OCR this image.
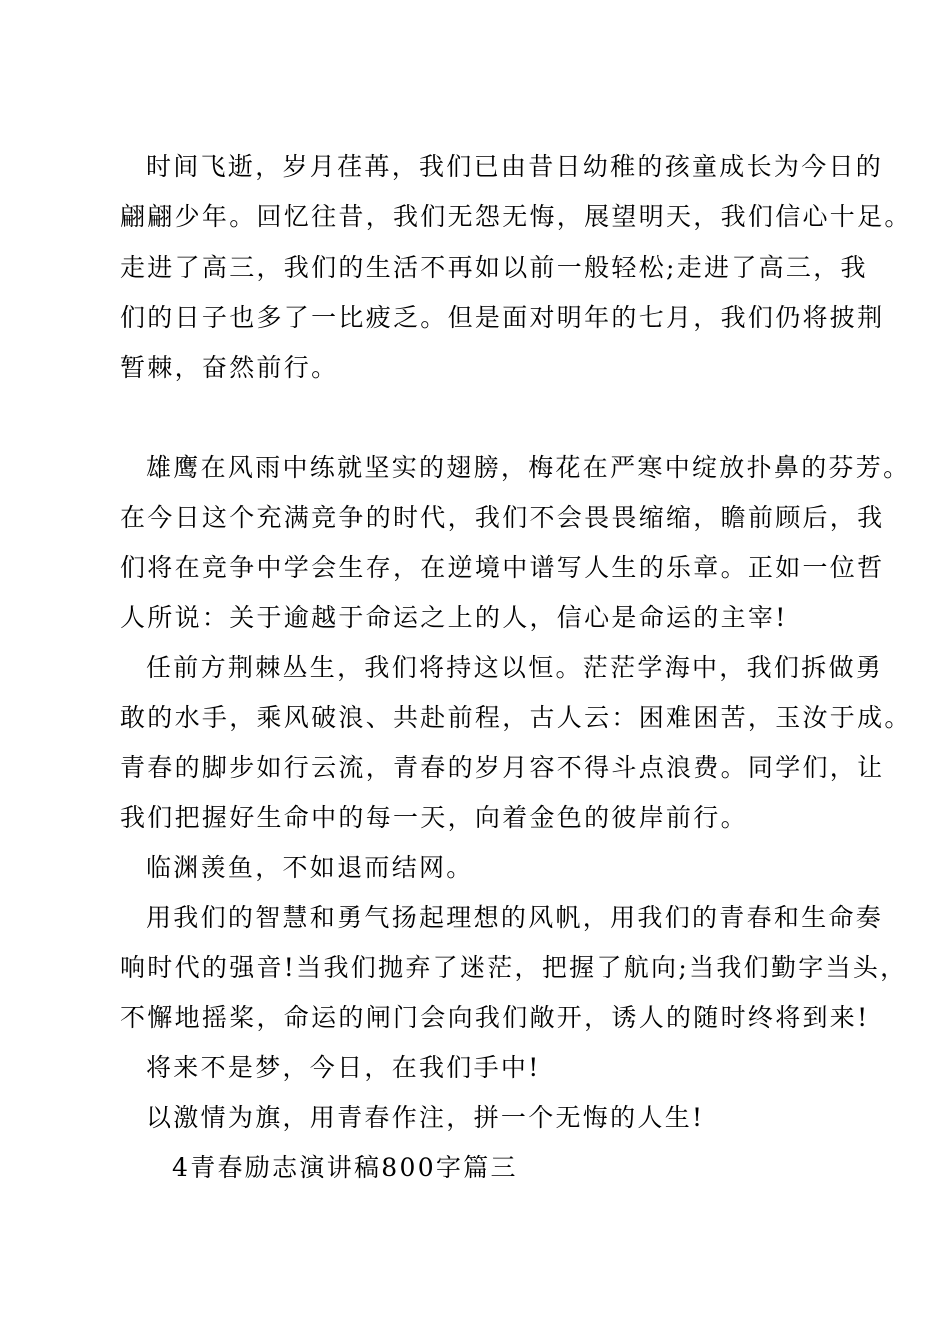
时间飞逝，岁月荏苒，我们已由昔日幼稚的孩童成长为今日的
翩翩少年。回忆往昔，我们无怨无悔，展望明天，我们信心十足。
走进了高三，我们的生活不再如以前一般轻松;走进了高三，我
们的日子也多了一比疲乏。但是面对明年的七月，我们仍将披荆
暂棘，奋然前行。
雄鹰在风雨中练就坚实的翅膀，梅花在严寒中绽放扑鼻的芬芳。
在今日这个充满竞争的时代，我们不会畏畏缩缩，瞻前顾后，我
们将在竞争中学会生存，在逆境中谱写人生的乐章。正如一位哲
人所说：关于逾越于命运之上的人，信心是命运的主宰!
任前方荆棘丛生，我们将持这以恒。茫茫学海中，我们拆做勇
敢的水手，乘风破浪、共赴前程，古人云：困难困苦，玉汝于成。
青春的脚步如行云流，青春的岁月容不得斗点浪费。同学们，让
我们把握好生命中的每一天，向着金色的彼岸前行。
临渊羡鱼，不如退而结网。
用我们的智慧和勇气扬起理想的风帆，用我们的青春和生命奏
响时代的强音!当我们抛弃了迷茫，把握了航向;当我们勤字当头，
不懈地摇桨，命运的闸门会向我们敞开，诱人的随时终将到来!
将来不是梦，今日，在我们手中!
以激情为旗，用青春作注，拼一个无悔的人生!
4青春励志演讲稿800字篇三
